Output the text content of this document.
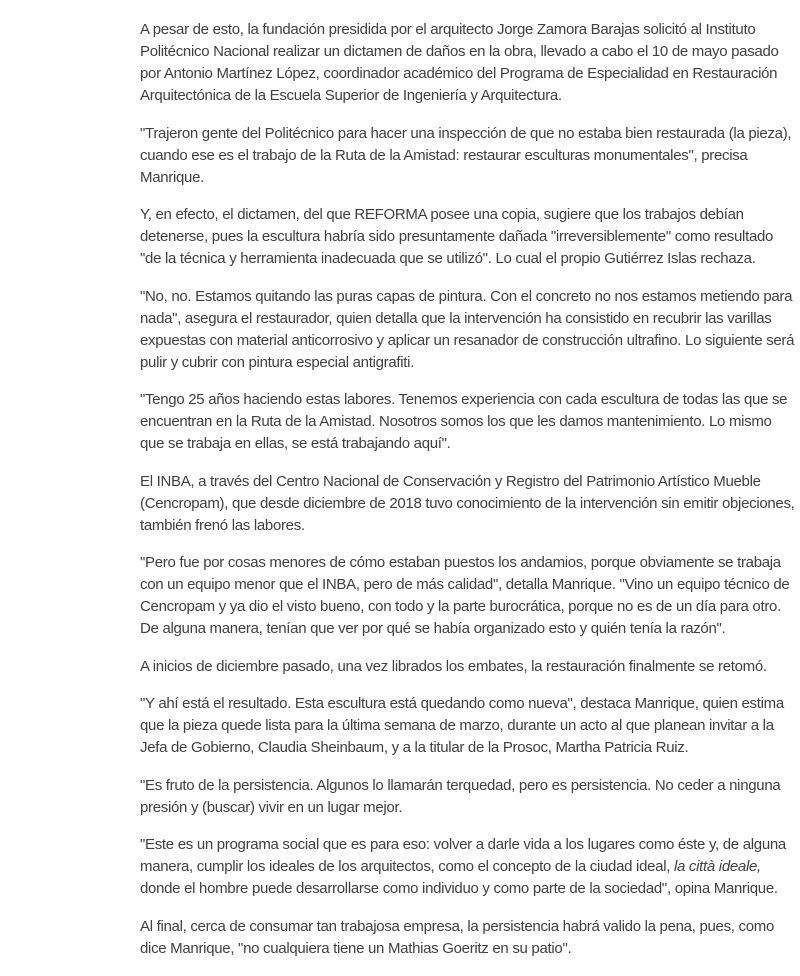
A pesar de esto, la fundación presidida por el arquitecto Jorge Zamora Barajas solicitó al Instituto
Politécnico Nacional realizar un dictamen de daños en la obra, llevado a cabo el 10 de mayo pasado
por Antonio Martínez López, coordinador académico del Programa de Especialidad en Restauración
Arquitectónica de la Escuela Superior de Ingeniería y Arquitectura.

"Trajeron gente del Politécnico para hacer una inspección de que no estaba bien restaurada (la pieza),
cuando ese es el trabajo de la Ruta de la Amistad: restaurar esculturas monumentales", precisa
Manrique.

Y, en efecto, el dictamen, del que REFORMA posee una copia, sugiere que los trabajos debían
detenerse, pues la escultura habría sido presuntamente dañada "irreversiblemente" como resultado
"de la técnica y herramienta inadecuada que se utilizó". Lo cual el propio Gutiérrez Islas rechaza.

"No, no. Estamos quitando las puras capas de pintura. Con el concreto no nos estamos metiendo para
nada", asegura el restaurador, quien detalla que la intervención ha consistido en recubrir las varillas
expuestas con material anticorrosivo y aplicar un resanador de construcción ultrafino. Lo siguiente será
pulir y cubrir con pintura especial antigrafiti.

"Tengo 25 años haciendo estas labores. Tenemos experiencia con cada escultura de todas las que se
encuentran en la Ruta de la Amistad. Nosotros somos los que les damos mantenimiento. Lo mismo
que se trabaja en ellas, se está trabajando aquí".

El INBA, a través del Centro Nacional de Conservación y Registro del Patrimonio Artístico Mueble
(Cencropam), que desde diciembre de 2018 tuvo conocimiento de la intervención sin emitir objeciones,
también frenó las labores.

"Pero fue por cosas menores de cómo estaban puestos los andamios, porque obviamente se trabaja
con un equipo menor que el INBA, pero de más calidad", detalla Manrique. "Vino un equipo técnico de
Cencropam y ya dio el visto bueno, con todo y la parte burocrática, porque no es de un día para otro.
De alguna manera, tenían que ver por qué se había organizado esto y quién tenía la razón".

A inicios de diciembre pasado, una vez librados los embates, la restauración finalmente se retomó.

"Y ahí está el resultado. Esta escultura está quedando como nueva", destaca Manrique, quien estima
que la pieza quede lista para la última semana de marzo, durante un acto al que planean invitar a la
Jefa de Gobierno, Claudia Sheinbaum, y a la titular de la Prosoc, Martha Patricia Ruiz.

"Es fruto de la persistencia. Algunos lo llamarán terquedad, pero es persistencia. No ceder a ninguna
presión y (buscar) vivir en un lugar mejor.

"Este es un programa social que es para eso: volver a darle vida a los lugares como éste y, de alguna
manera, cumplir los ideales de los arquitectos, como el concepto de la ciudad ideal, la città ideale,
donde el hombre puede desarrollarse como individuo y como parte de la sociedad", opina Manrique.

Al final, cerca de consumar tan trabajosa empresa, la persistencia habrá valido la pena, pues, como
dice Manrique, "no cualquiera tiene un Mathias Goeritz en su patio".
